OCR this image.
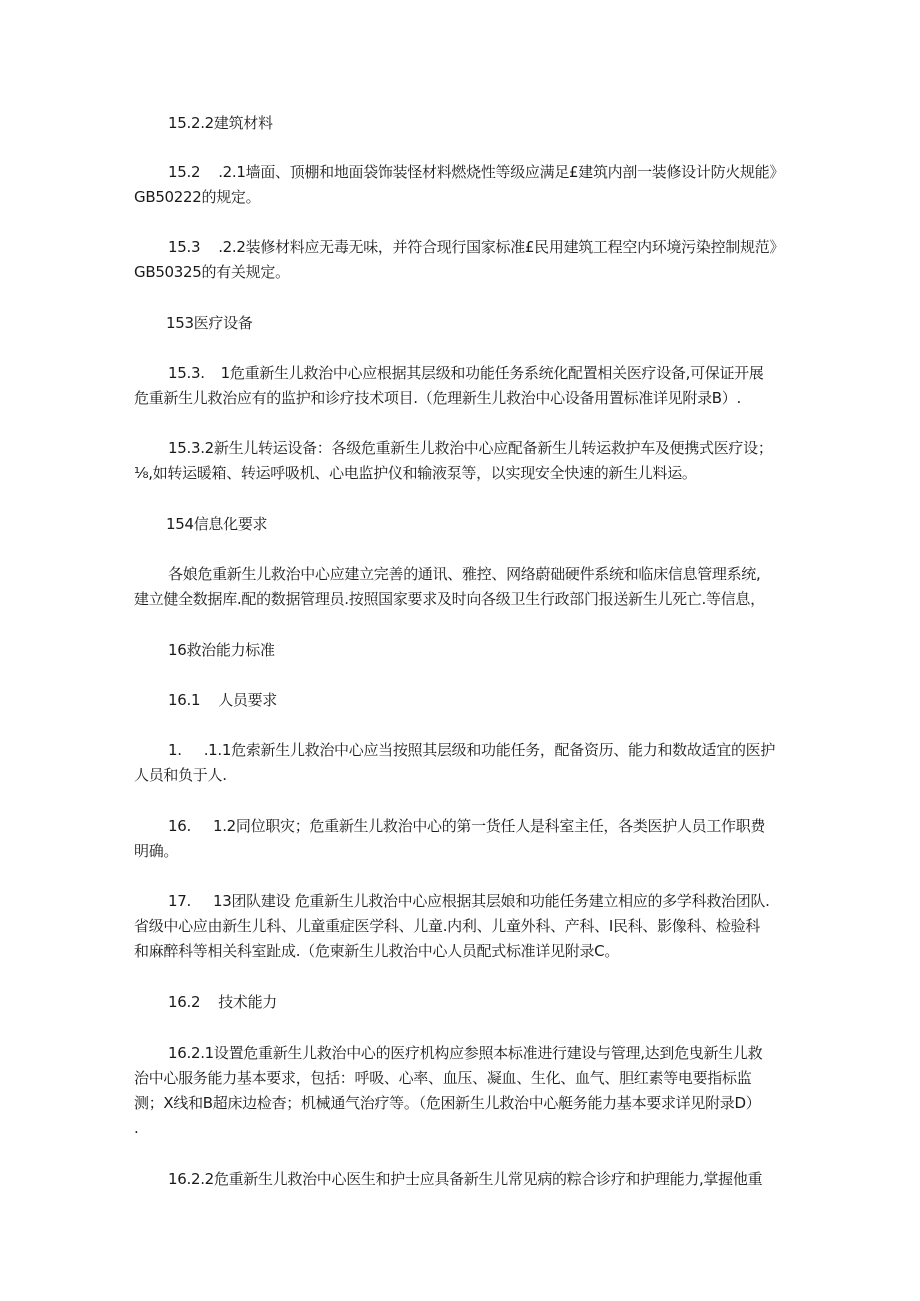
15.2.2建筑材料
15.2 .2.1墙面、顶棚和地面袋饰装怪材料燃烧性等级应满足£建筑内剖一装修设计防火规能》
GB50222的规定。
15.3 .2.2装修材料应无毒无味，并符合现行国家标准£民用建筑工程空内环境污染控制规范》
GB50325的有关规定。
153医疗设备
15.3. 1危重新生儿救治中心应根据其层级和功能任务系统化配置相关医疗设备,可保证开展
危重新生儿救治应有的监护和诊疗技术项目.（危理新生儿救治中心设备用置标准详见附录B）.
15.3.2新生儿转运设备：各级危重新生儿救治中心应配备新生儿转运救护车及便携式医疗设；
⅛,如转运暖箱、转运呼吸机、心电监护仪和输液泵等，以实现安全快速的新生儿料运。
154信息化要求
各娘危重新生儿救治中心应建立完善的通讯、雅控、网络蔚础硬件系统和临床信息管理系统,
建立健全数据库.配的数据管理员.按照国家要求及时向各级卫生行政部门报送新生儿死亡.等信息，
16救治能力标准
16.1 人员要求
1. .1.1危索新生儿救治中心应当按照其层级和功能任务，配备资历、能力和数故适宜的医护
人员和负于人.
16. 1.2同位职灾；危重新生儿救治中心的第一货任人是科室主任，各类医护人员工作职费
明确。
17. 13团队建设 危重新生儿救治中心应根据其层娘和功能任务建立相应的多学科救治团队.
省级中心应由新生儿科、儿童重症医学科、儿童.内利、儿童外科、产科、I民科、影像科、检验科
和麻醉科等相关科室趾成.（危柬新生儿救治中心人员配式标准详见附录C。
16.2 技术能力
16.2.1设置危重新生儿救治中心的医疗机构应参照本标准进行建设与管理,达到危曳新生儿救
治中心服务能力基本要求，包括：呼吸、心率、血压、凝血、生化、血气、胆红素等电要指标监
测；X线和B超床边检杳；机械通气治疗等。（危困新生儿救治中心艇务能力基本要求详见附录D）
.
16.2.2危重新生儿救治中心医生和护士应具备新生儿常见病的粽合诊疗和护理能力,掌握他重
